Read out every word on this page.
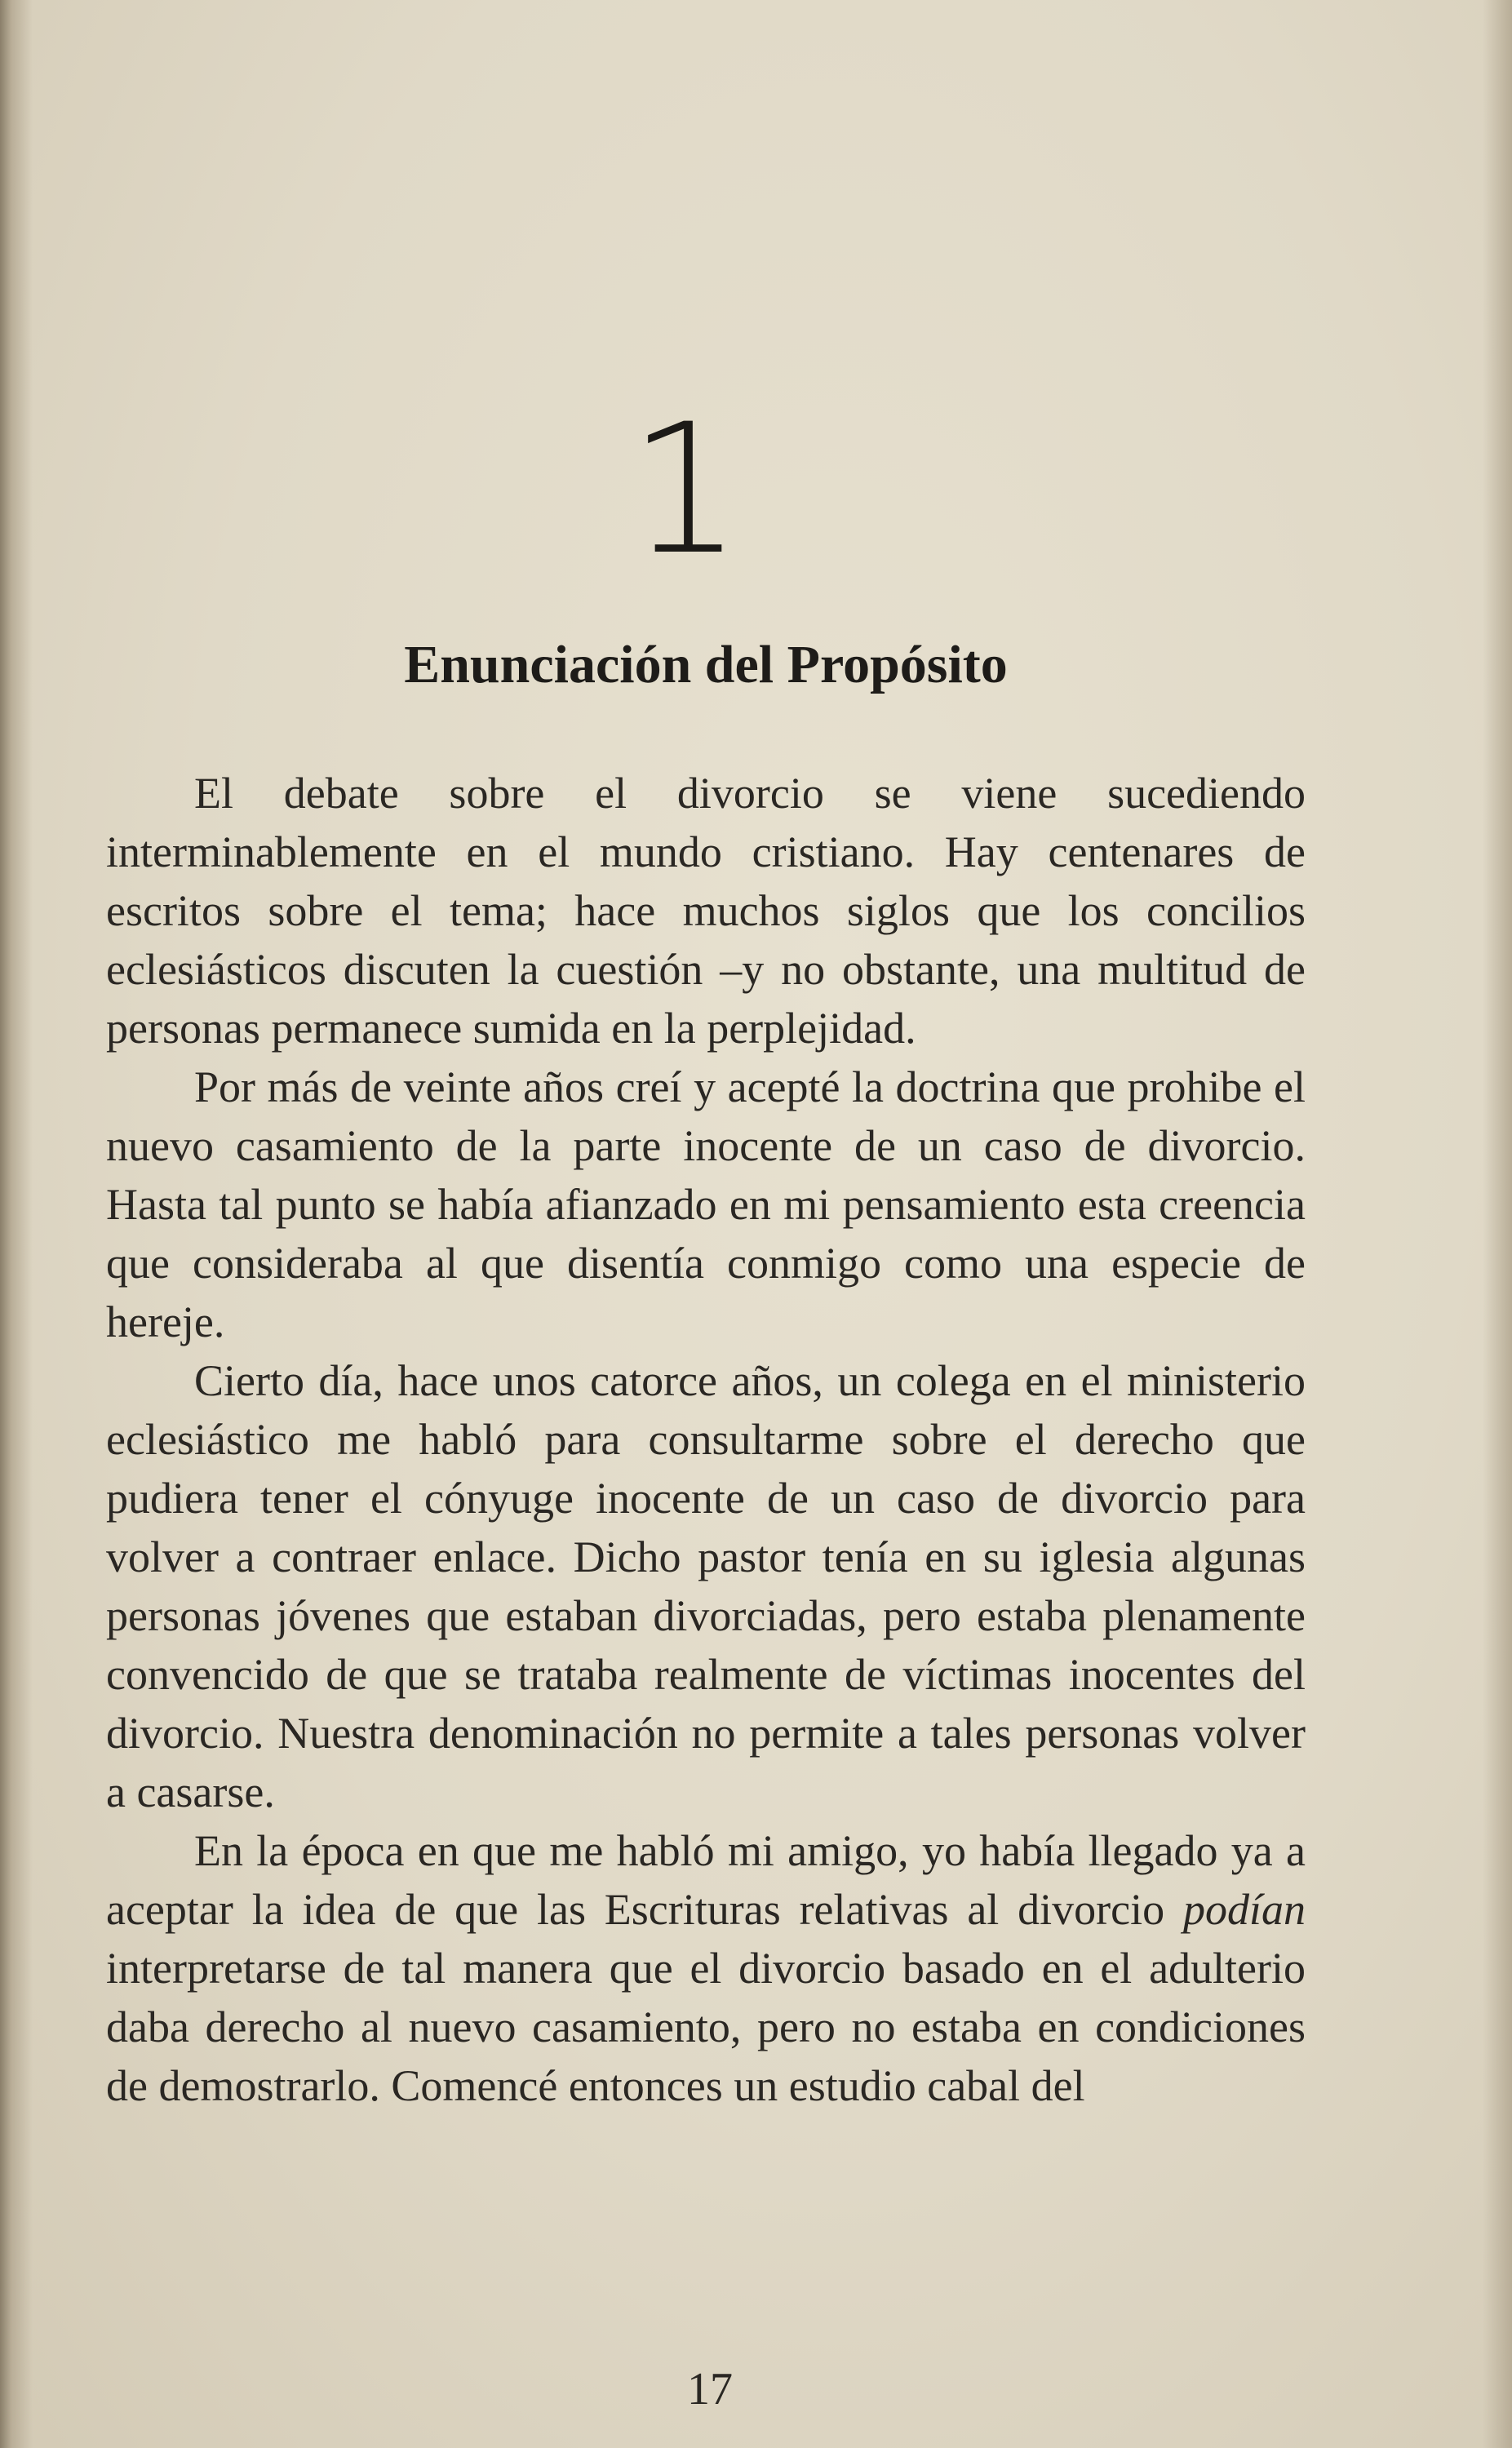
1
Enunciación del Propósito

El debate sobre el divorcio se viene sucediendo interminablemente en el mundo cristiano. Hay centenares de escritos sobre el tema; hace muchos siglos que los concilios eclesiásticos discuten la cuestión –y no obstante, una multitud de personas permanece sumida en la perplejidad.

Por más de veinte años creí y acepté la doctrina que prohibe el nuevo casamiento de la parte inocente de un caso de divorcio. Hasta tal punto se había afianzado en mi pensamiento esta creencia que consideraba al que disentía conmigo como una especie de hereje.

Cierto día, hace unos catorce años, un colega en el ministerio eclesiástico me habló para consultarme sobre el derecho que pudiera tener el cónyuge inocente de un caso de divorcio para volver a contraer enlace. Dicho pastor tenía en su iglesia algunas personas jóvenes que estaban divorciadas, pero estaba plenamente convencido de que se trataba realmente de víctimas inocentes del divorcio. Nuestra denominación no permite a tales personas volver a casarse.

En la época en que me habló mi amigo, yo había llegado ya a aceptar la idea de que las Escrituras relativas al divorcio podían interpretarse de tal manera que el divorcio basado en el adulterio daba derecho al nuevo casamiento, pero no estaba en condiciones de demostrarlo. Comencé entonces un estudio cabal del

17
